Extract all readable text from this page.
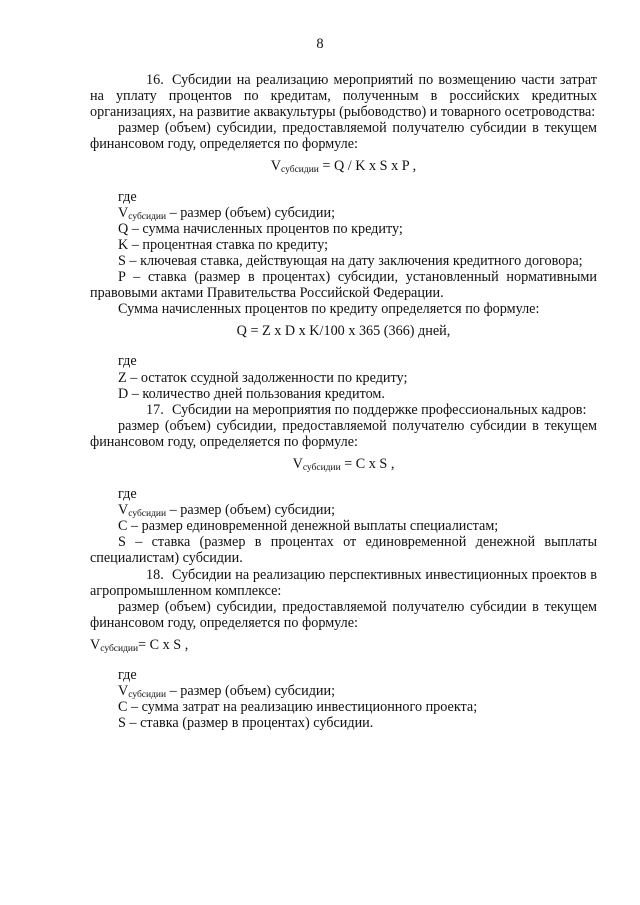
8

16. Субсидии на реализацию мероприятий по возмещению части затрат на уплату процентов по кредитам, полученным в российских кредитных организациях, на развитие аквакультуры (рыбоводство) и товарного осетроводства:

размер (объем) субсидии, предоставляемой получателю субсидии в текущем финансовом году, определяется по формуле:

$V_{субсидии} = Q / K$ x S x P ,

где

$V_{субсидии}$ – размер (объем) субсидии;

Q – сумма начисленных процентов по кредиту;

K – процентная ставка по кредиту;

S – ключевая ставка, действующая на дату заключения кредитного договора;

P – ставка (размер в процентах) субсидии, установленный нормативными правовыми актами Правительства Российской Федерации.

Сумма начисленных процентов по кредиту определяется по формуле:

Q = Z x D x K/100 x 365 (366) дней,

где

Z – остаток ссудной задолженности по кредиту;

D – количество дней пользования кредитом.

17. Субсидии на мероприятия по поддержке профессиональных кадров:

размер (объем) субсидии, предоставляемой получателю субсидии в текущем финансовом году, определяется по формуле:

$V_{субсидии} = C$ x S ,

где

$V_{субсидии}$ – размер (объем) субсидии;

C – размер единовременной денежной выплаты специалистам;

S – ставка (размер в процентах от единовременной денежной выплаты специалистам) субсидии.

18. Субсидии на реализацию перспективных инвестиционных проектов в агропромышленном комплексе:

размер (объем) субсидии, предоставляемой получателю субсидии в текущем финансовом году, определяется по формуле:

$V_{субсидии}= C$ x S ,

где

$V_{субсидии}$ – размер (объем) субсидии;

C – сумма затрат на реализацию инвестиционного проекта;

S – ставка (размер в процентах) субсидии.
